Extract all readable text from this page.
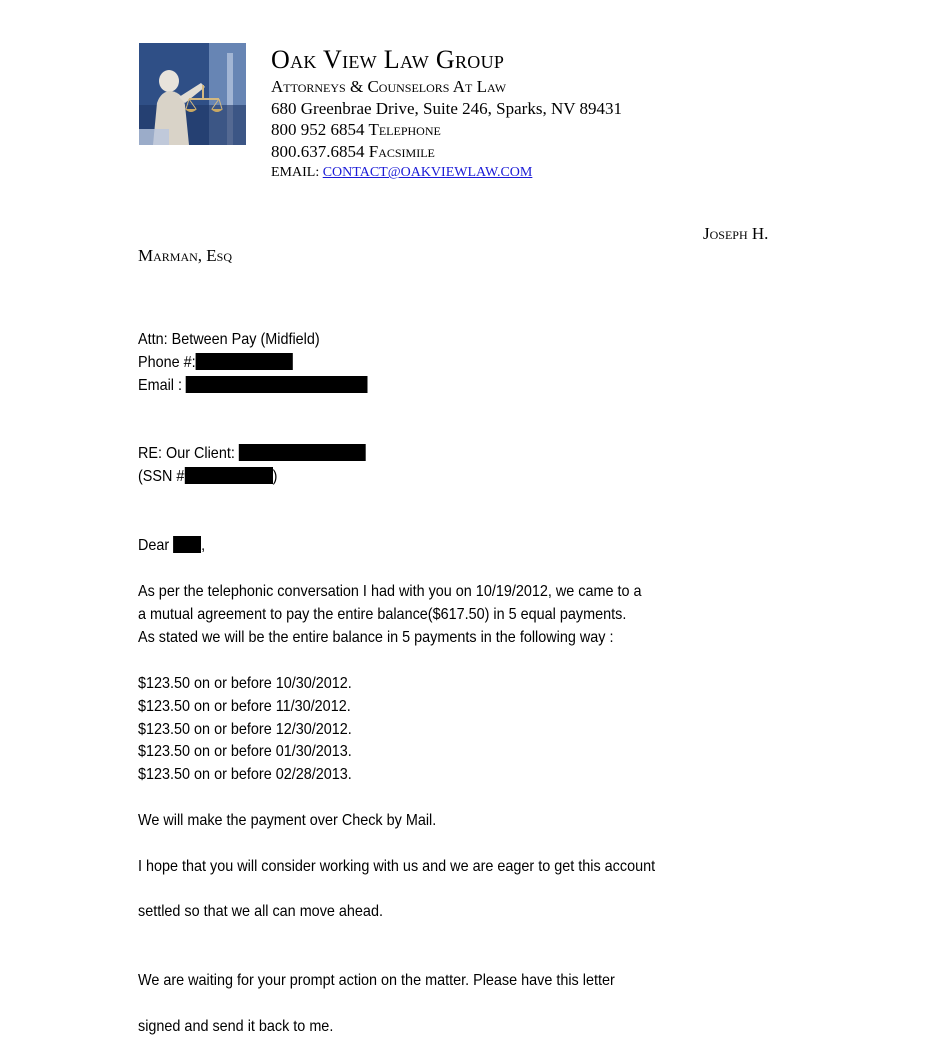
Oak View Law Group
Attorneys & Counselors At Law
680 Greenbrae Drive, Suite 246, Sparks, NV 89431
800 952 6854 Telephone
800.637.6854 Facsimile
EMAIL: CONTACT@OAKVIEWLAW.COM
Joseph H.
Marman, Esq
Attn: Between Pay (Midfield)
Phone #:
Email :
RE: Our Client:
(SSN #	)
Dear ,
As per the telephonic conversation I had with you on 10/19/2012, we came to a
a mutual agreement to pay the entire balance($617.50) in 5 equal payments.
As stated we will be the entire balance in 5 payments in the following way :
$123.50 on or before 10/30/2012.
$123.50 on or before 11/30/2012.
$123.50 on or before 12/30/2012.
$123.50 on or before 01/30/2013.
$123.50 on or before 02/28/2013.
We will make the payment over Check by Mail.
I hope that you will consider working with us and we are eager to get this account
settled so that we all can move ahead.
We are waiting for your prompt action on the matter. Please have this letter
signed and send it back to me.
